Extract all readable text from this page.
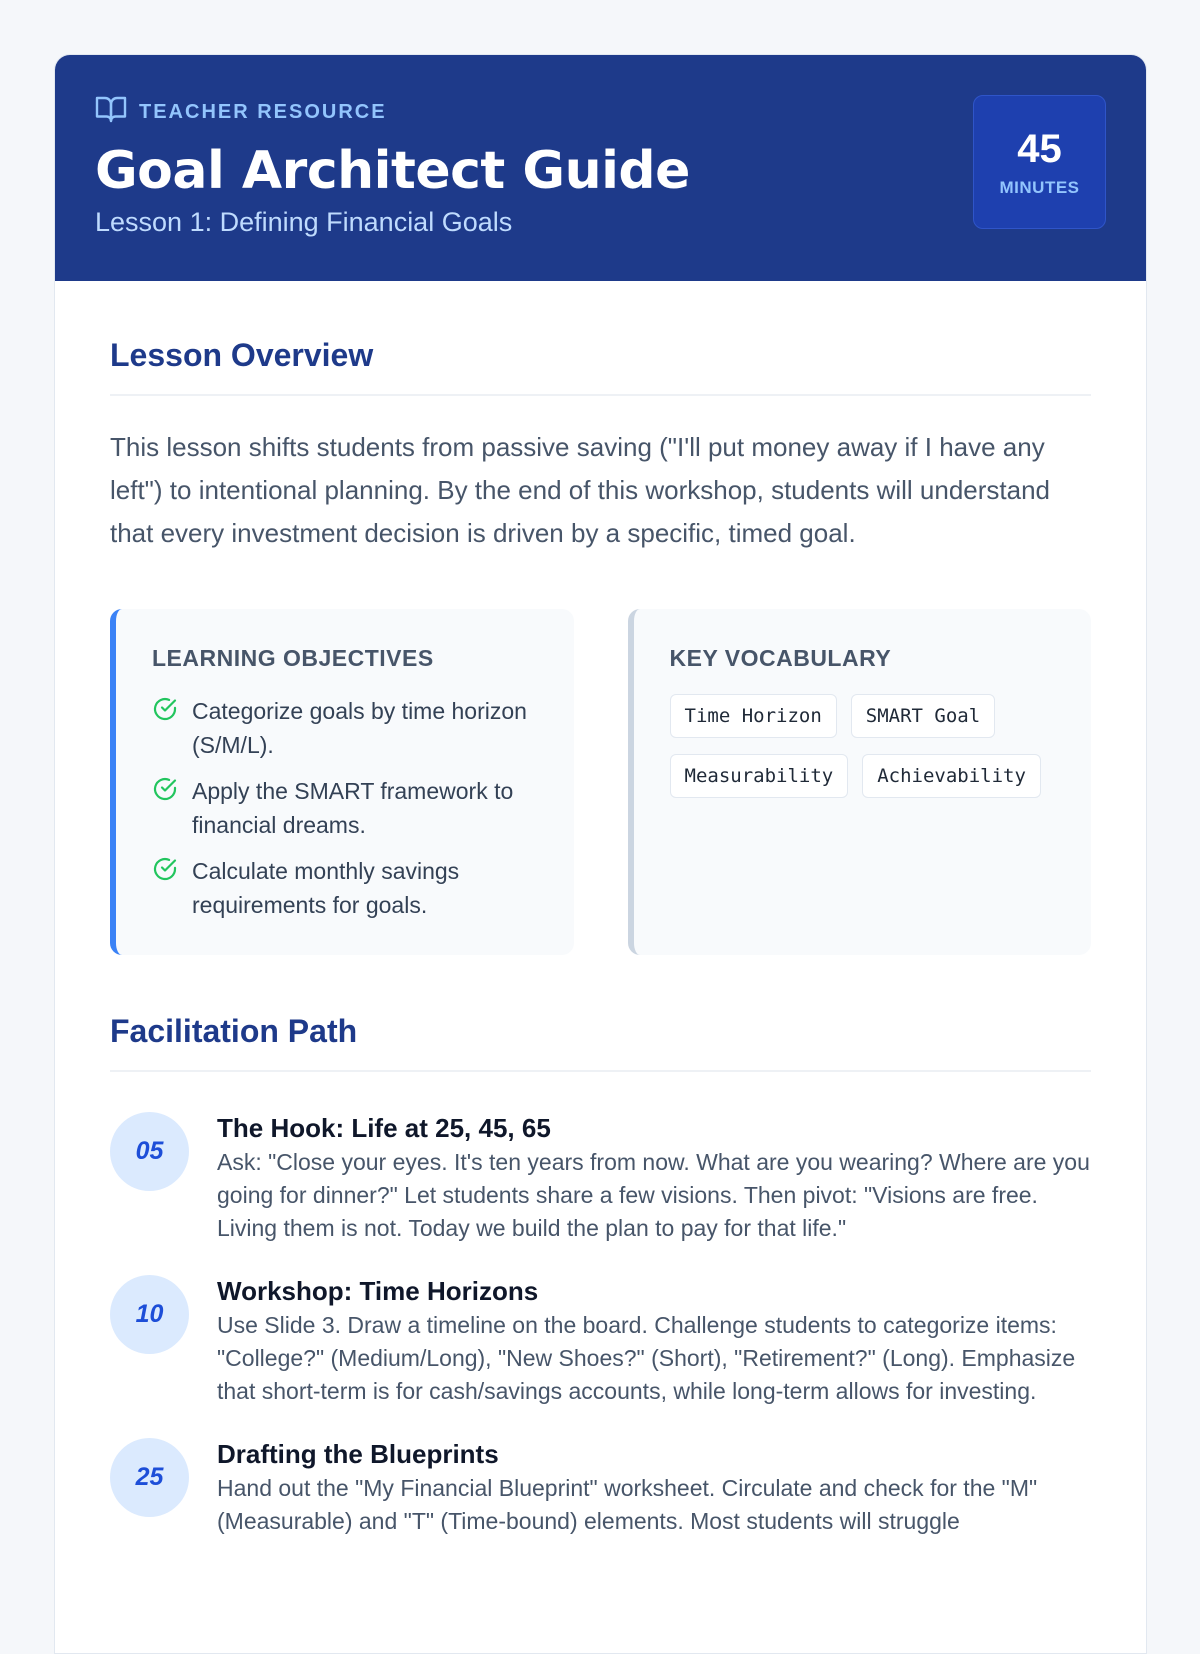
TEACHER RESOURCE
Goal Architect Guide
Lesson 1: Defining Financial Goals
45
MINUTES
Lesson Overview

This lesson shifts students from passive saving ("I'll put money away if I have any left") to intentional planning. By the end of this workshop, students will understand that every investment decision is driven by a specific, timed goal.

LEARNING OBJECTIVES
Categorize goals by time horizon (S/M/L).
Apply the SMART framework to financial dreams.
Calculate monthly savings requirements for goals.
KEY VOCABULARY
Time Horizon	SMART Goal
Measurability	Achievability
Facilitation Path
05
The Hook: Life at 25, 45, 65
Ask: "Close your eyes. It's ten years from now. What are you wearing? Where are you going for dinner?" Let students share a few visions. Then pivot: "Visions are free. Living them is not. Today we build the plan to pay for that life."
10
Workshop: Time Horizons
Use Slide 3. Draw a timeline on the board. Challenge students to categorize items: "College?" (Medium/Long), "New Shoes?" (Short), "Retirement?" (Long). Emphasize that short-term is for cash/savings accounts, while long-term allows for investing.
25
Drafting the Blueprints
Hand out the "My Financial Blueprint" worksheet. Circulate and check for the "M" (Measurable) and "T" (Time-bound) elements. Most students will struggle
